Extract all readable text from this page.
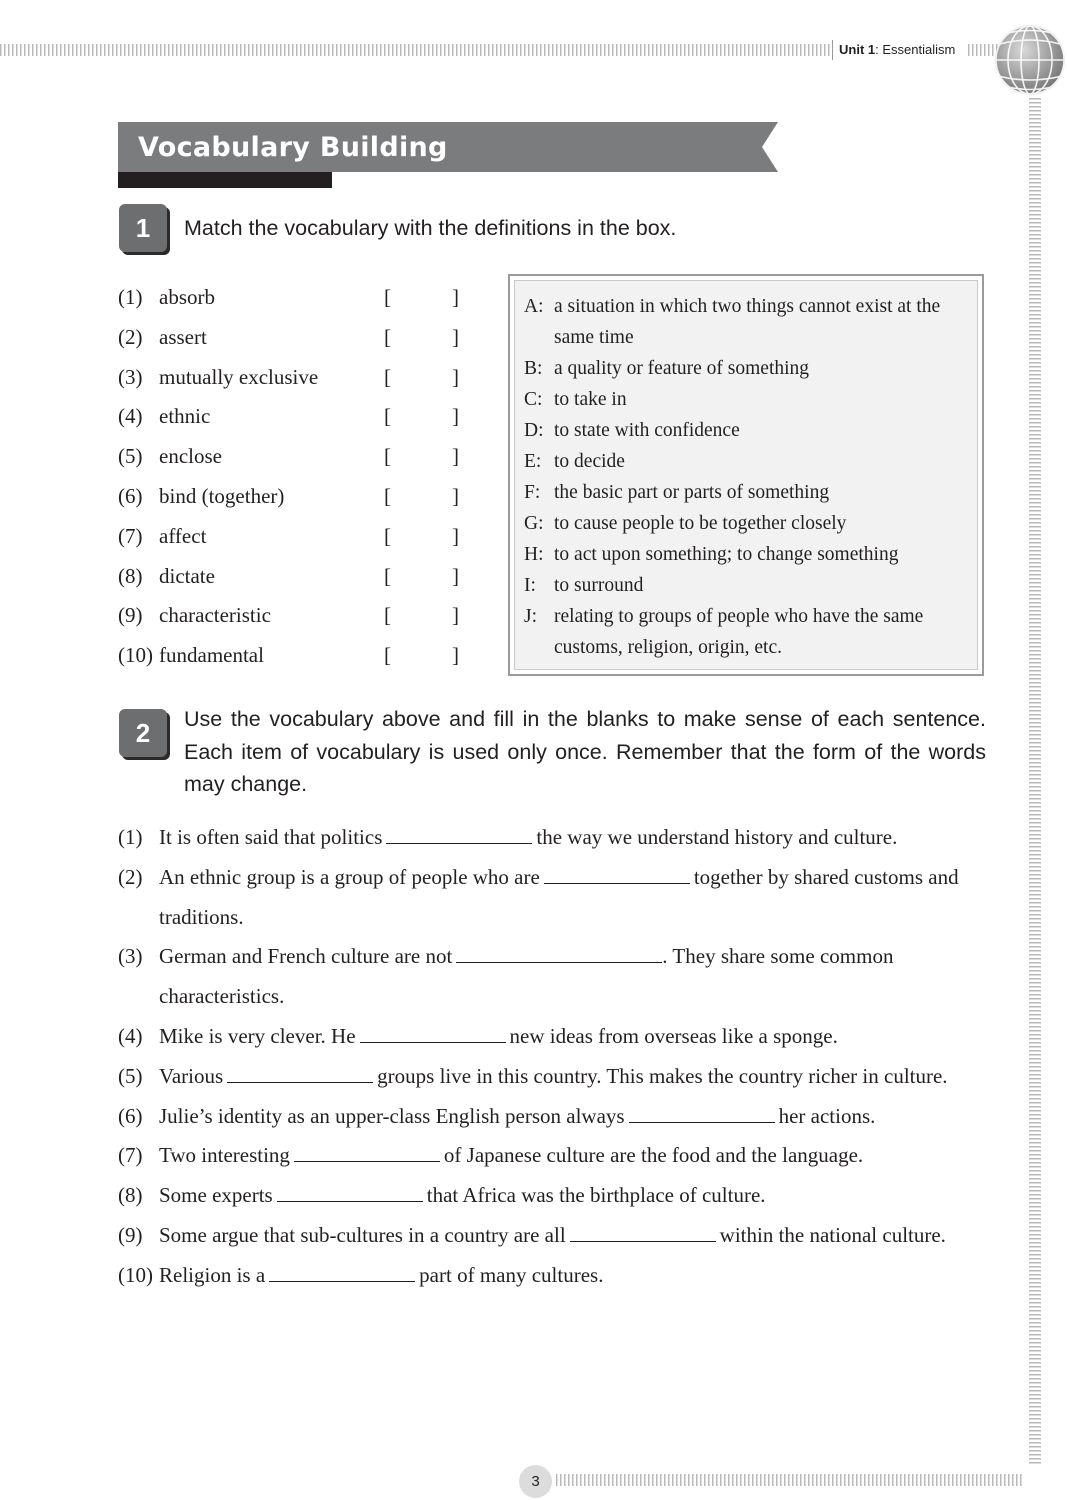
Unit 1: Essentialism
Vocabulary Building
1	Match the vocabulary with the definitions in the box.
(1) absorb	[	]
(2) assert	[	]
(3) mutually exclusive	[	]
(4) ethnic	[	]
(5) enclose	[	]
(6) bind (together)	[	]
(7) affect	[	]
(8) dictate	[	]
(9) characteristic	[	]
(10) fundamental	[	]
A: a situation in which two things cannot exist at the same time
B: a quality or feature of something
C: to take in
D: to state with confidence
E: to decide
F: the basic part or parts of something
G: to cause people to be together closely
H: to act upon something; to change something
I: to surround
J: relating to groups of people who have the same customs, religion, origin, etc.
2	Use the vocabulary above and fill in the blanks to make sense of each sentence. Each item of vocabulary is used only once. Remember that the form of the words may change.
(1) It is often said that politics	the way we understand history and culture.
(2) An ethnic group is a group of people who are	together by shared customs and traditions.
(3) German and French culture are not	. They share some common characteristics.
(4) Mike is very clever. He	new ideas from overseas like a sponge.
(5) Various	groups live in this country. This makes the country richer in culture.
(6) Julie’s identity as an upper-class English person always	her actions.
(7) Two interesting	of Japanese culture are the food and the language.
(8) Some experts	that Africa was the birthplace of culture.
(9) Some argue that sub-cultures in a country are all	within the national culture.
(10) Religion is a	part of many cultures.
3
